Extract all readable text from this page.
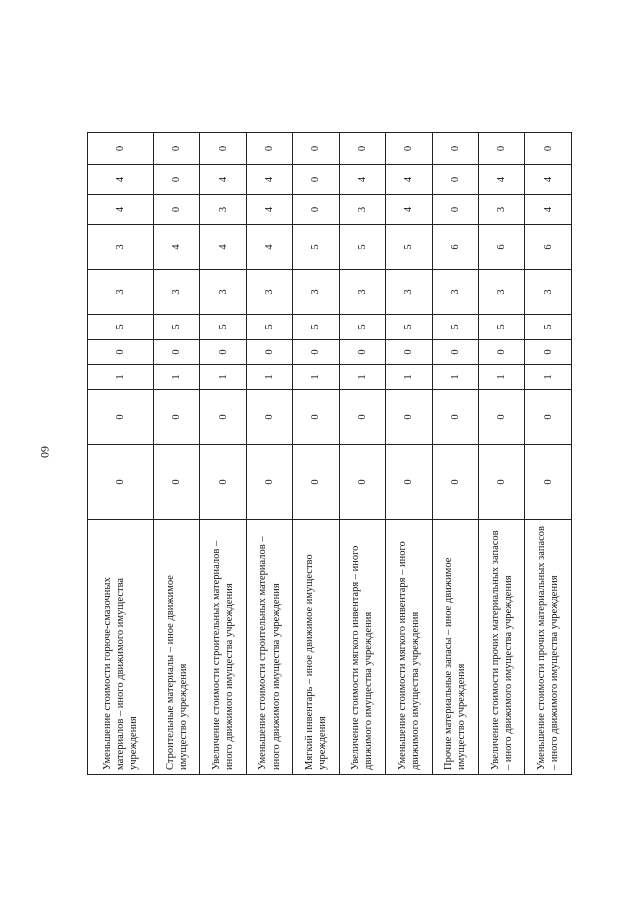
60
Уменьшение стоимости горюче-смазочных материалов – иного движимого имущества учреждения	0	0	1	0	5	3	3	4	4	0
Строительные материалы – иное движимое имущество учреждения	0	0	1	0	5	3	4	0	0	0
Увеличение стоимости строительных материалов – иного движимого имущества учреждения	0	0	1	0	5	3	4	3	4	0
Уменьшение стоимости строительных материалов – иного движимого имущества учреждения	0	0	1	0	5	3	4	4	4	0
Мягкий инвентарь – иное движимое имущество учреждения	0	0	1	0	5	3	5	0	0	0
Увеличение стоимости мягкого инвентаря – иного движимого имущества учреждения	0	0	1	0	5	3	5	3	4	0
Уменьшение стоимости мягкого инвентаря – иного движимого имущества учреждения	0	0	1	0	5	3	5	4	4	0
Прочие материальные запасы – иное движимое имущество учреждения	0	0	1	0	5	3	6	0	0	0
Увеличение стоимости прочих материальных запасов – иного движимого имущества учреждения	0	0	1	0	5	3	6	3	4	0
Уменьшение стоимости прочих материальных запасов – иного движимого имущества учреждения	0	0	1	0	5	3	6	4	4	0
